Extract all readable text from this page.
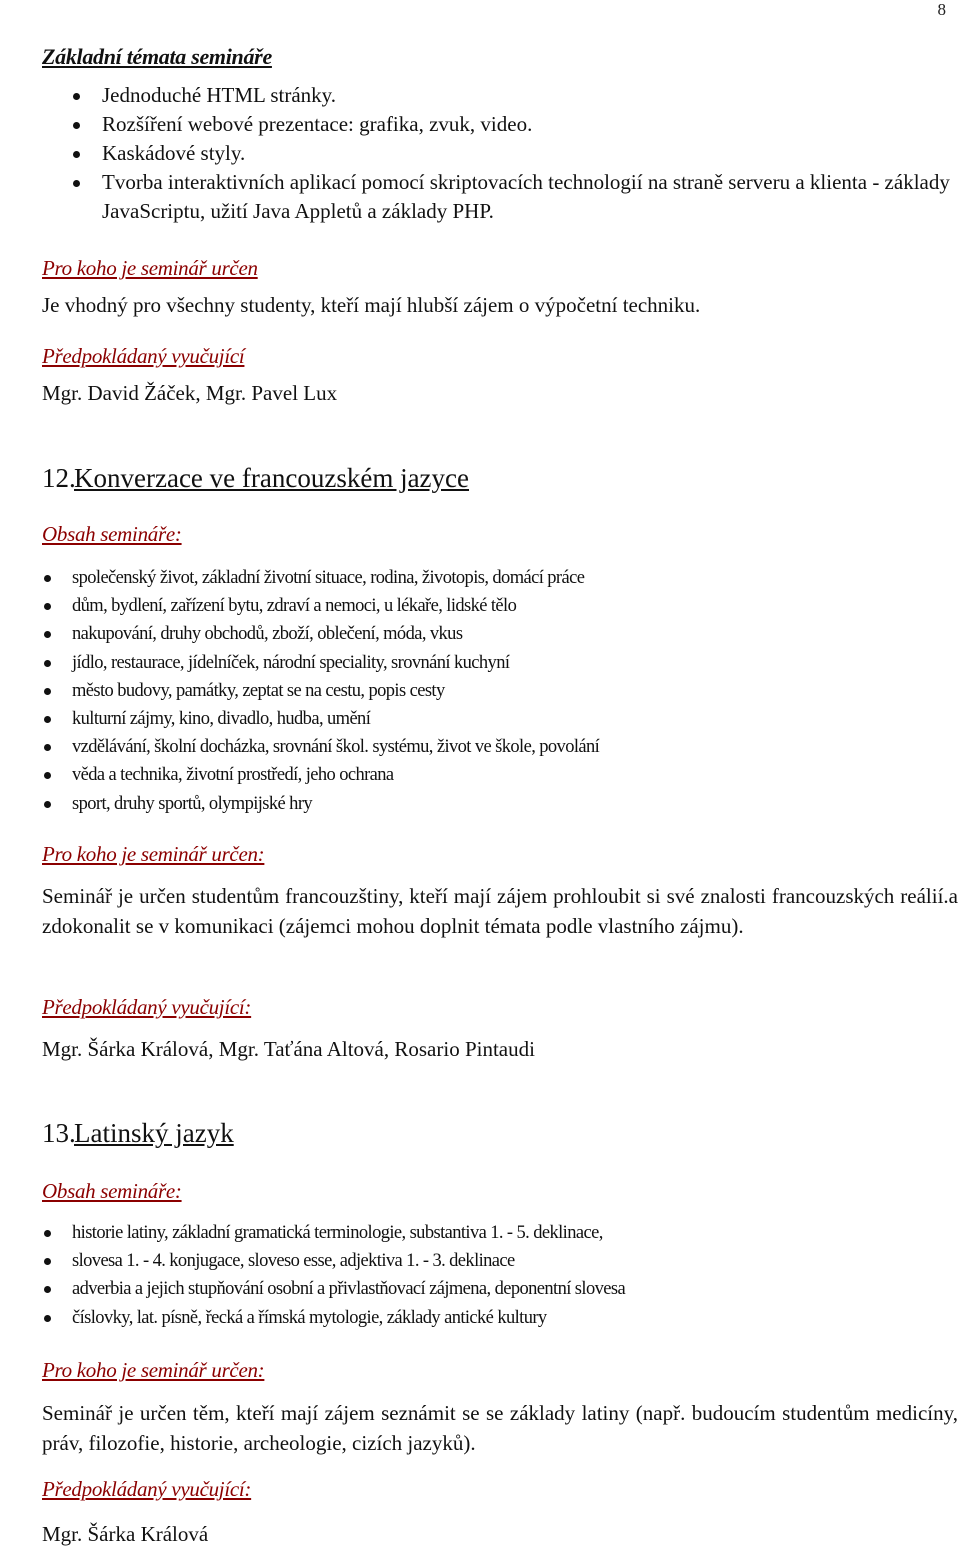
8
Základní témata semináře
Jednoduché HTML stránky.
Rozšíření webové prezentace: grafika, zvuk, video.
Kaskádové styly.
Tvorba interaktivních aplikací pomocí skriptovacích technologií na straně serveru a klienta - základy JavaScriptu, užití Java Appletů a základy PHP.
Pro koho je seminář určen
Je vhodný pro všechny studenty, kteří mají hlubší zájem o výpočetní techniku.
Předpokládaný vyučující
Mgr. David Žáček, Mgr. Pavel Lux
12.Konverzace ve francouzském jazyce
Obsah semináře:
společenský život, základní životní situace, rodina, životopis, domácí práce
dům, bydlení, zařízení bytu, zdraví a nemoci, u lékaře, lidské tělo
nakupování, druhy obchodů, zboží, oblečení, móda, vkus
jídlo, restaurace, jídelníček, národní speciality, srovnání kuchyní
město budovy, památky, zeptat se na cestu, popis cesty
kulturní zájmy, kino, divadlo, hudba, umění
vzdělávání, školní docházka, srovnání škol. systému, život ve škole, povolání
věda a technika, životní prostředí, jeho ochrana
sport, druhy sportů, olympijské hry
Pro koho je seminář určen:
Seminář je určen studentům francouzštiny, kteří mají zájem prohloubit si své znalosti francouzských reálií.a zdokonalit se v komunikaci (zájemci mohou doplnit témata podle vlastního zájmu).
Předpokládaný vyučující:
Mgr. Šárka Králová, Mgr. Taťána Altová, Rosario Pintaudi
13.Latinský jazyk
Obsah semináře:
historie latiny, základní gramatická terminologie, substantiva 1. - 5. deklinace,
slovesa 1. - 4. konjugace, sloveso esse, adjektiva 1. - 3. deklinace
adverbia a jejich stupňování osobní a přivlastňovací zájmena, deponentní slovesa
číslovky, lat. písně, řecká a římská mytologie, základy antické kultury
Pro koho je seminář určen:
Seminář je určen těm, kteří mají zájem seznámit se se základy latiny (např. budoucím studentům medicíny, práv, filozofie, historie, archeologie, cizích jazyků).
Předpokládaný vyučující:
Mgr. Šárka Králová
